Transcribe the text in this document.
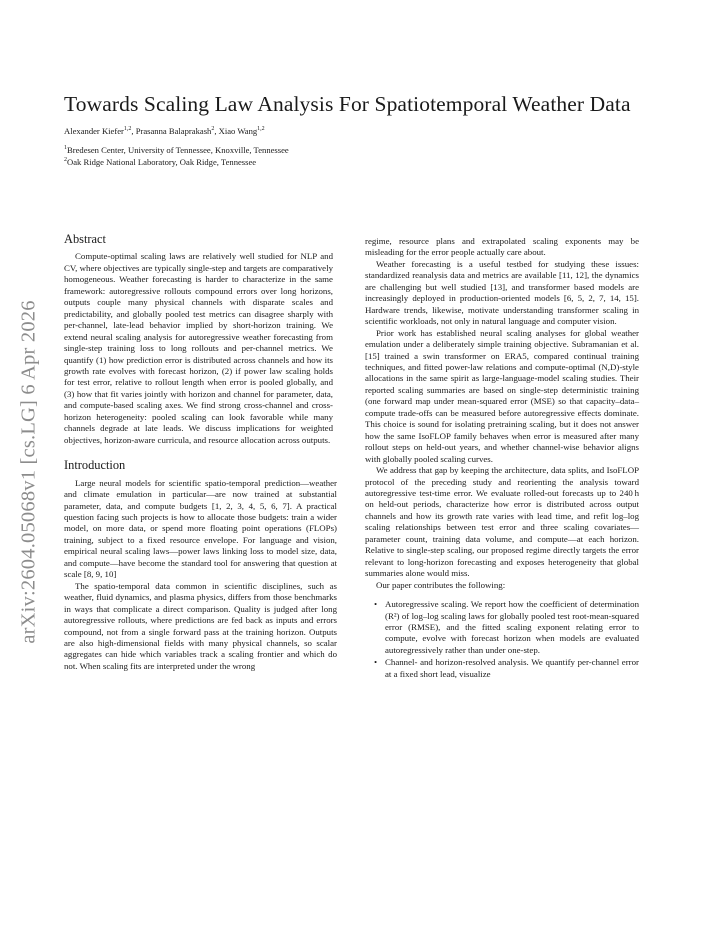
arXiv:2604.05068v1 [cs.LG] 6 Apr 2026
Towards Scaling Law Analysis For Spatiotemporal Weather Data
Alexander Kiefer$^{1,2}$, Prasanna Balaprakash$^2$, Xiao Wang$^{1,2}$
$^1$Bredesen Center, University of Tennessee, Knoxville, Tennessee
$^2$Oak Ridge National Laboratory, Oak Ridge, Tennessee
Abstract

Compute-optimal scaling laws are relatively well studied for NLP and CV, where objectives are typically single-step and targets are comparatively homogeneous. Weather forecasting is harder to characterize in the same framework: autoregressive rollouts compound errors over long horizons, outputs couple many physical channels with disparate scales and predictability, and globally pooled test metrics can disagree sharply with per-channel, late-lead behavior implied by short-horizon training. We extend neural scaling analysis for autoregressive weather forecasting from single-step training loss to long rollouts and per-channel metrics. We quantify (1) how prediction error is distributed across channels and how its growth rate evolves with forecast horizon, (2) if power law scaling holds for test error, relative to rollout length when error is pooled globally, and (3) how that fit varies jointly with horizon and channel for parameter, data, and compute-based scaling axes. We find strong cross-channel and cross-horizon heterogeneity: pooled scaling can look favorable while many channels degrade at late leads. We discuss implications for weighted objectives, horizon-aware curricula, and resource allocation across outputs.

Introduction

Large neural models for scientific spatio-temporal prediction—weather and climate emulation in particular—are now trained at substantial parameter, data, and compute budgets [1, 2, 3, 4, 5, 6, 7]. A practical question facing such projects is how to allocate those budgets: train a wider model, on more data, or spend more floating point operations (FLOPs) training, subject to a fixed resource envelope. For language and vision, empirical neural scaling laws—power laws linking loss to model size, data, and compute—have become the standard tool for answering that question at scale [8, 9, 10]

The spatio-temporal data common in scientific disciplines, such as weather, fluid dynamics, and plasma physics, differs from those benchmarks in ways that complicate a direct comparison. Quality is judged after long autoregressive rollouts, where predictions are fed back as inputs and errors compound, not from a single forward pass at the training horizon. Outputs are also high-dimensional fields with many physical channels, so scalar aggregates can hide which variables track a scaling frontier and which do not. When scaling fits are interpreted under the wrong

regime, resource plans and extrapolated scaling exponents may be misleading for the error people actually care about.

Weather forecasting is a useful testbed for studying these issues: standardized reanalysis data and metrics are available [11, 12], the dynamics are challenging but well studied [13], and transformer based models are increasingly deployed in production-oriented models [6, 5, 2, 7, 14, 15]. Hardware trends, likewise, motivate understanding transformer scaling in scientific workloads, not only in natural language and computer vision.

Prior work has established neural scaling analyses for global weather emulation under a deliberately simple training objective. Subramanian et al. [15] trained a swin transformer on ERA5, compared continual training techniques, and fitted power-law relations and compute-optimal (N,D)-style allocations in the same spirit as large-language-model scaling studies. Their reported scaling summaries are based on single-step deterministic training (one forward map under mean-squared error (MSE) so that capacity–data–compute trade-offs can be measured before autoregressive effects dominate. This choice is sound for isolating pretraining scaling, but it does not answer how the same IsoFLOP family behaves when error is measured after many rollout steps on held-out years, and whether channel-wise behavior aligns with globally pooled scaling curves.

We address that gap by keeping the architecture, data splits, and IsoFLOP protocol of the preceding study and reorienting the analysis toward autoregressive test-time error. We evaluate rolled-out forecasts up to 240 h on held-out periods, characterize how error is distributed across output channels and how its growth rate varies with lead time, and refit log–log scaling relationships between test error and three scaling covariates—parameter count, training data volume, and compute—at each horizon. Relative to single-step scaling, our proposed regime directly targets the error relevant to long-horizon forecasting and exposes heterogeneity that global summaries alone would miss.

Our paper contributes the following:

• Autoregressive scaling. We report how the coefficient of determination (R²) of log–log scaling laws for globally pooled test root-mean-squared error (RMSE), and the fitted scaling exponent relating error to compute, evolve with forecast horizon when models are evaluated autoregressively rather than under one-step.
• Channel- and horizon-resolved analysis. We quantify per-channel error at a fixed short lead, visualize
